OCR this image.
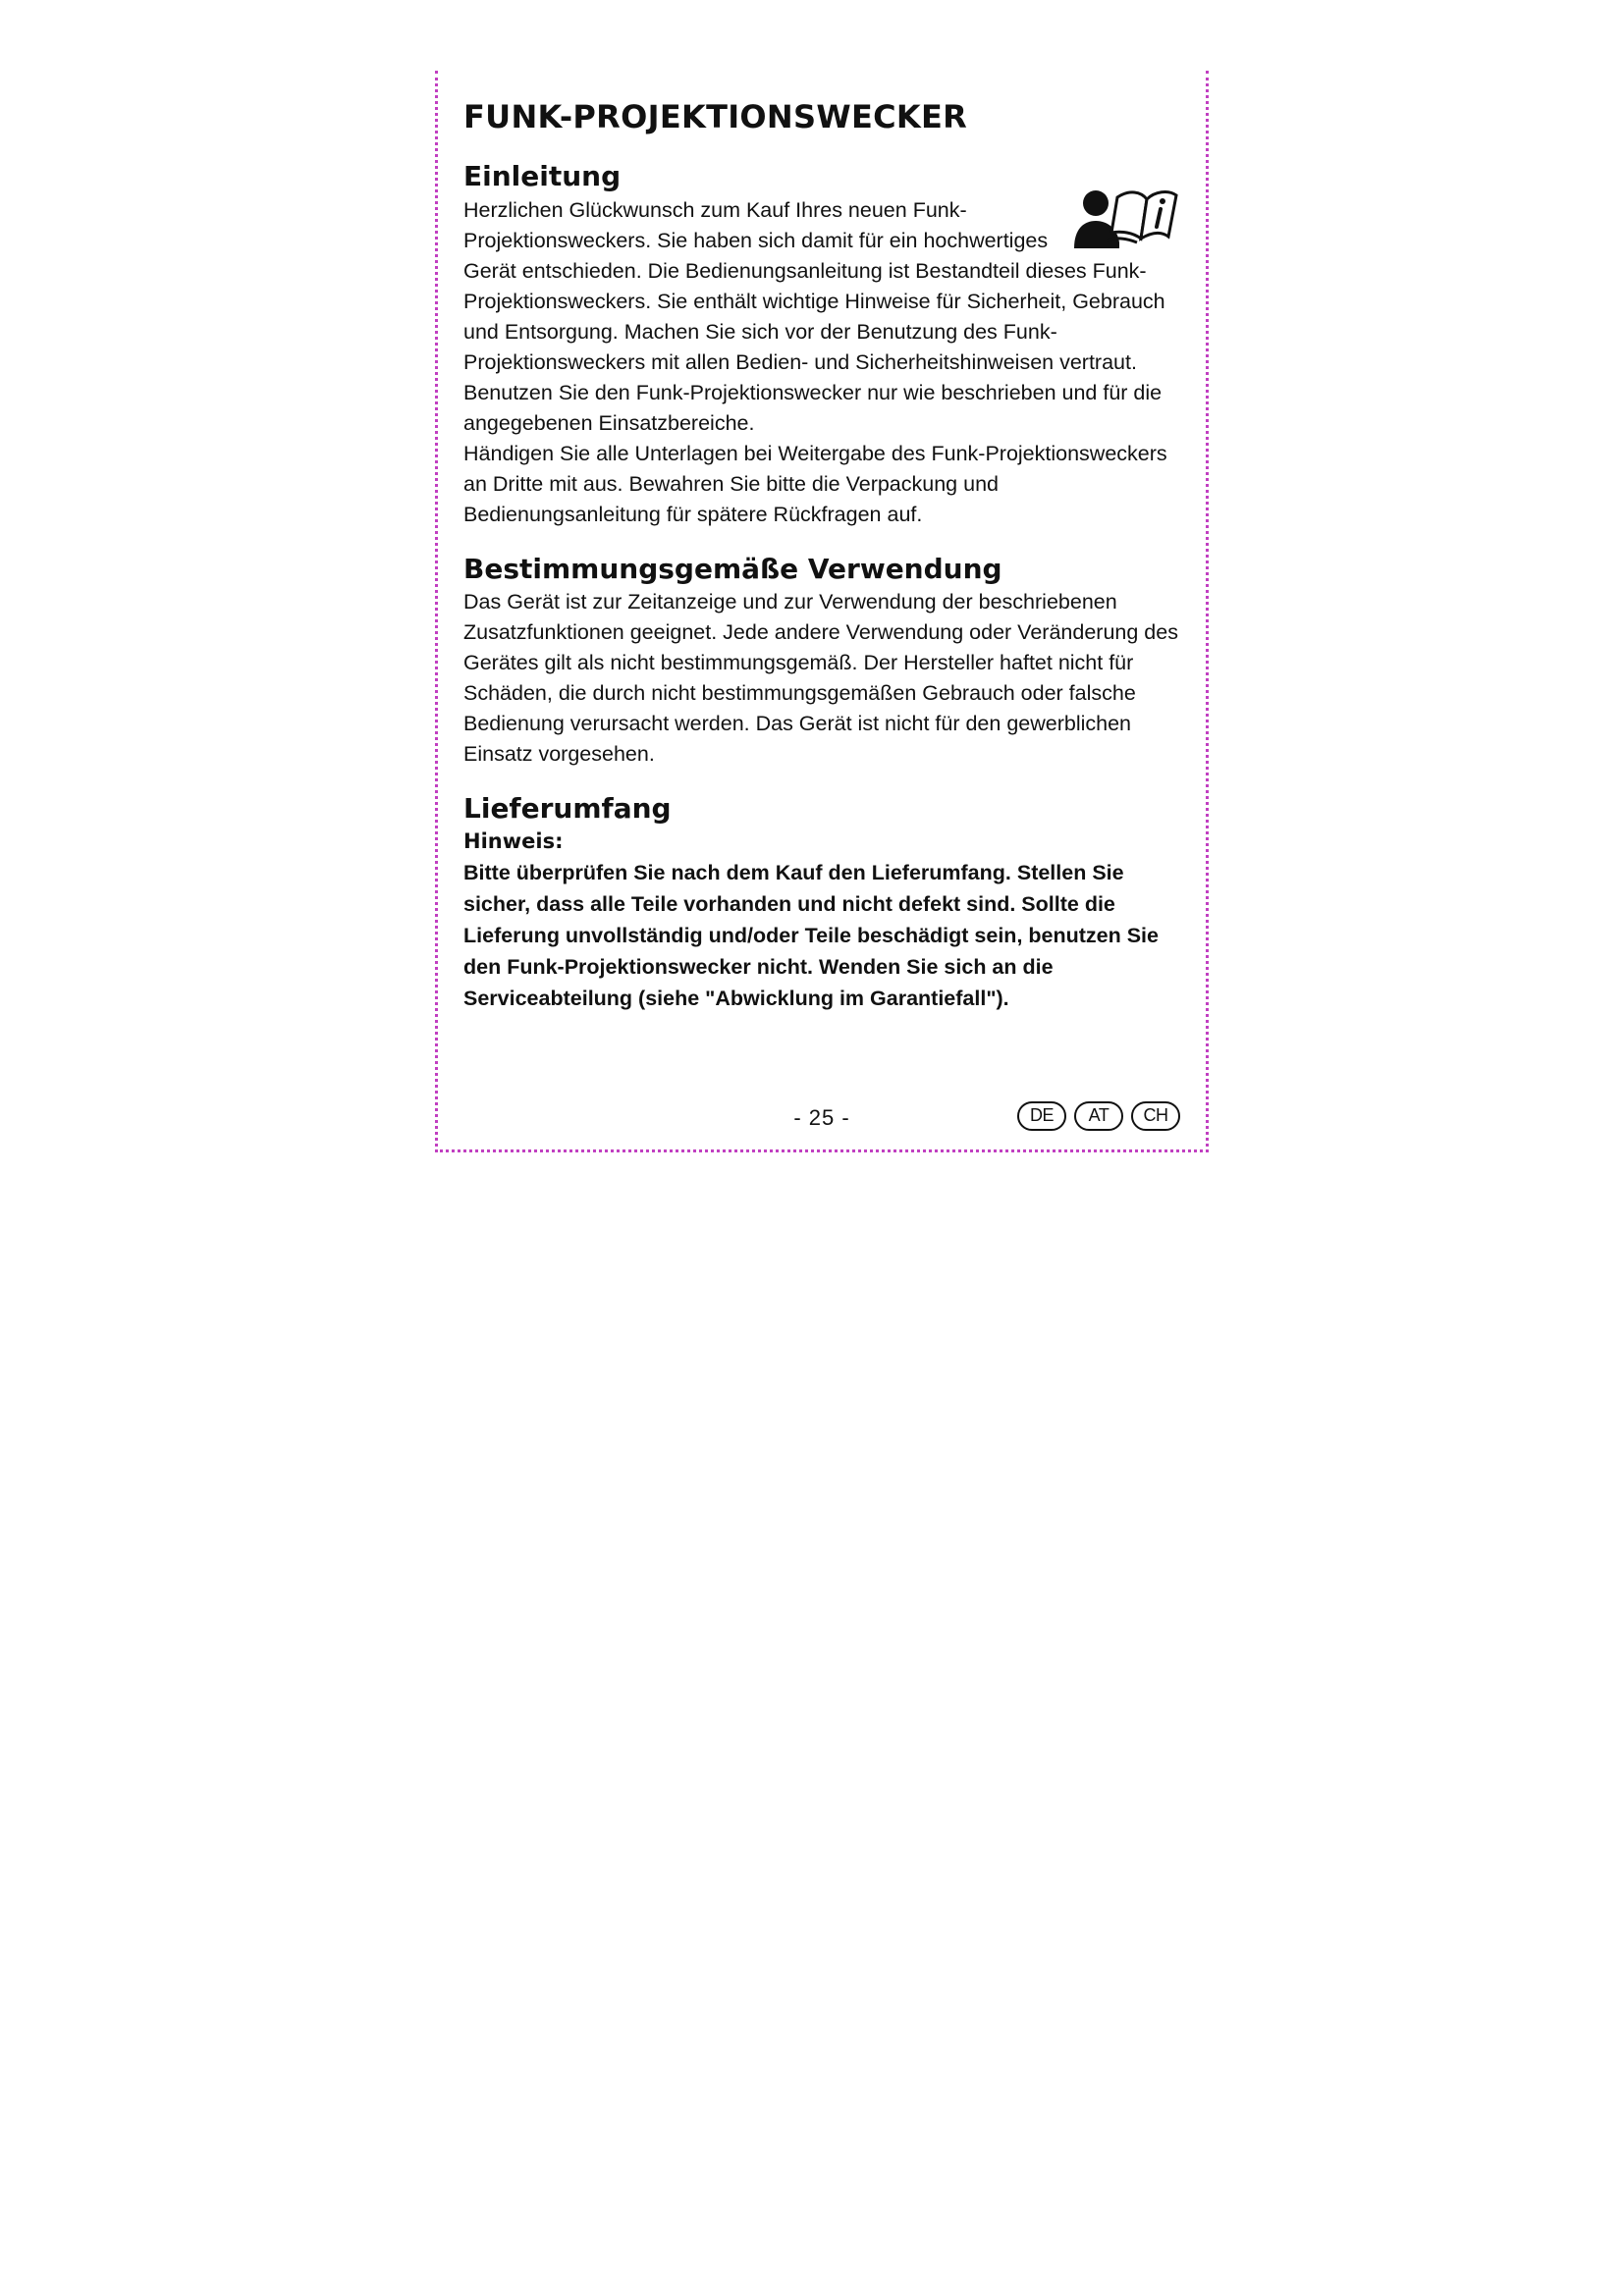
FUNK-PROJEKTIONSWECKER
Einleitung

Herzlichen Glückwunsch zum Kauf Ihres neuen Funk-Projektionsweckers. Sie haben sich damit für ein hochwertiges Gerät entschieden. Die Bedienungsanleitung ist Bestandteil dieses Funk-Projektionsweckers. Sie enthält wichtige Hinweise für Sicherheit, Gebrauch und Entsorgung. Machen Sie sich vor der Benutzung des Funk-Projektionsweckers mit allen Bedien- und Sicherheitshinweisen vertraut. Benutzen Sie den Funk-Projektionswecker nur wie beschrieben und für die angegebenen Einsatzbereiche.

Händigen Sie alle Unterlagen bei Weitergabe des Funk-Projektionsweckers an Dritte mit aus. Bewahren Sie bitte die Verpackung und Bedienungsanleitung für spätere Rückfragen auf.

Bestimmungsgemäße Verwendung

Das Gerät ist zur Zeitanzeige und zur Verwendung der beschriebenen Zusatzfunktionen geeignet. Jede andere Verwendung oder Veränderung des Gerätes gilt als nicht bestimmungsgemäß. Der Hersteller haftet nicht für Schäden, die durch nicht bestimmungsgemäßen Gebrauch oder falsche Bedienung verursacht werden. Das Gerät ist nicht für den gewerblichen Einsatz vorgesehen.

Lieferumfang

Hinweis:

Bitte überprüfen Sie nach dem Kauf den Lieferumfang. Stellen Sie sicher, dass alle Teile vorhanden und nicht defekt sind. Sollte die Lieferung unvollständig und/oder Teile beschädigt sein, benutzen Sie den Funk-Projektionswecker nicht. Wenden Sie sich an die Serviceabteilung (siehe "Abwicklung im Garantiefall").

- 25 -	DE	AT	CH
